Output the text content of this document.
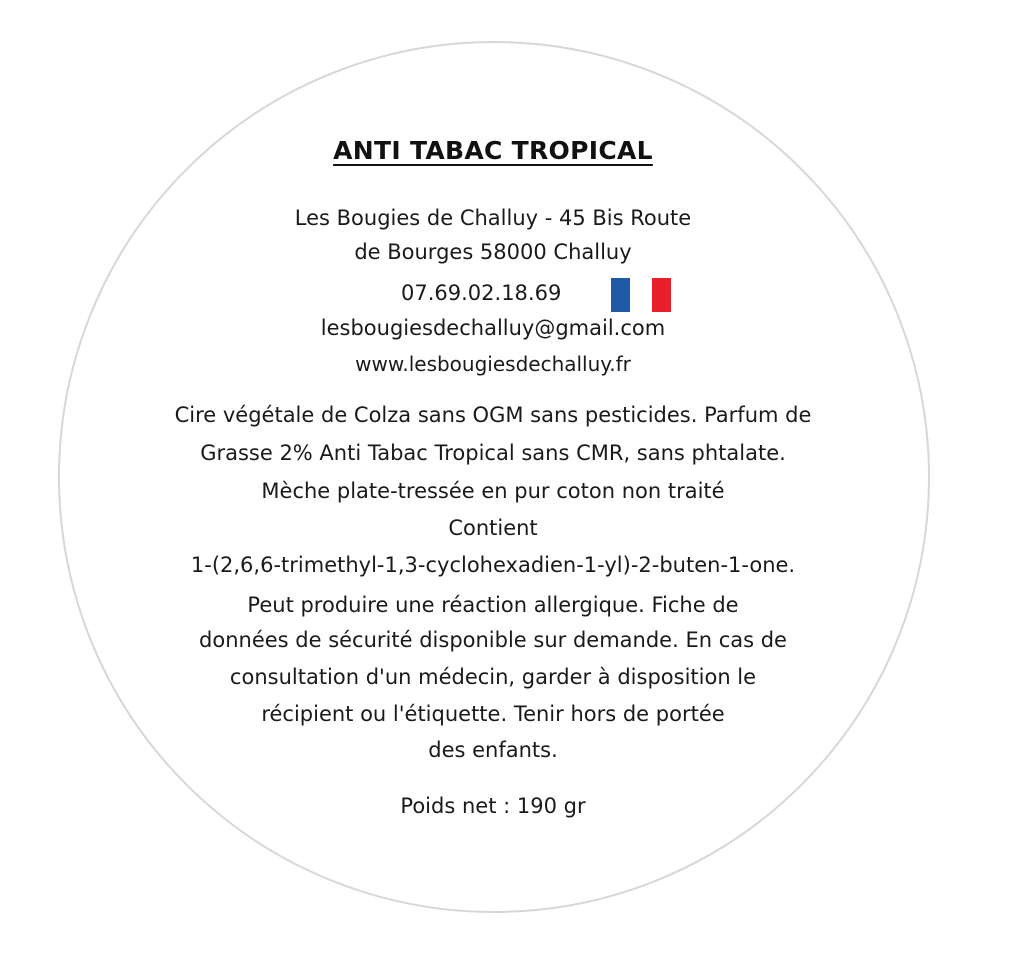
ANTI TABAC TROPICAL
Les Bougies de Challuy - 45 Bis Route
de Bourges 58000 Challuy
07.69.02.18.69
lesbougiesdechalluy@gmail.com
www.lesbougiesdechalluy.fr
Cire végétale de Colza sans OGM sans pesticides. Parfum de
Grasse 2% Anti Tabac Tropical sans CMR, sans phtalate.
Mèche plate-tressée en pur coton non traité
Contient
1-(2,6,6-trimethyl-1,3-cyclohexadien-1-yl)-2-buten-1-one.
Peut produire une réaction allergique. Fiche de
données de sécurité disponible sur demande. En cas de
consultation d'un médecin, garder à disposition le
récipient ou l'étiquette. Tenir hors de portée
des enfants.
Poids net : 190 gr
